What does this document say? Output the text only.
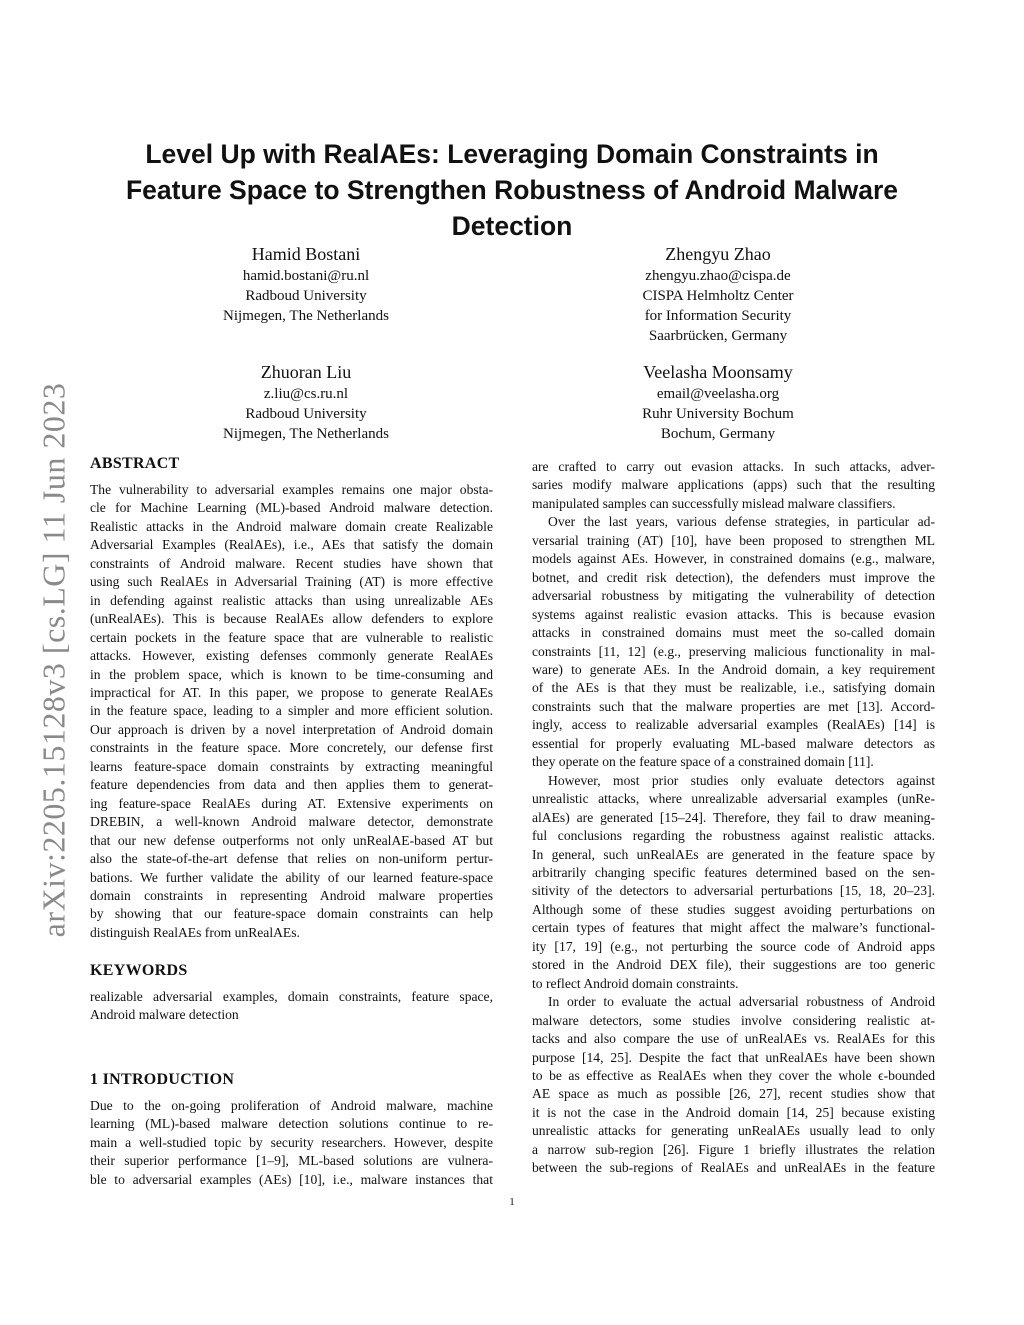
arXiv:2205.15128v3 [cs.LG] 11 Jun 2023
Level Up with RealAEs: Leveraging Domain Constraints in
Feature Space to Strengthen Robustness of Android Malware
Detection
Hamid Bostani
hamid.bostani@ru.nl
Radboud University
Nijmegen, The Netherlands
Zhengyu Zhao
zhengyu.zhao@cispa.de
CISPA Helmholtz Center
for Information Security
Saarbrücken, Germany
Zhuoran Liu
z.liu@cs.ru.nl
Radboud University
Nijmegen, The Netherlands
Veelasha Moonsamy
email@veelasha.org
Ruhr University Bochum
Bochum, Germany
ABSTRACT
The vulnerability to adversarial examples remains one major obsta-
cle for Machine Learning (ML)-based Android malware detection.
Realistic attacks in the Android malware domain create Realizable
Adversarial Examples (RealAEs), i.e., AEs that satisfy the domain
constraints of Android malware. Recent studies have shown that
using such RealAEs in Adversarial Training (AT) is more effective
in defending against realistic attacks than using unrealizable AEs
(unRealAEs). This is because RealAEs allow defenders to explore
certain pockets in the feature space that are vulnerable to realistic
attacks. However, existing defenses commonly generate RealAEs
in the problem space, which is known to be time-consuming and
impractical for AT. In this paper, we propose to generate RealAEs
in the feature space, leading to a simpler and more efficient solution.
Our approach is driven by a novel interpretation of Android domain
constraints in the feature space. More concretely, our defense first
learns feature-space domain constraints by extracting meaningful
feature dependencies from data and then applies them to generat-
ing feature-space RealAEs during AT. Extensive experiments on
DREBIN, a well-known Android malware detector, demonstrate
that our new defense outperforms not only unRealAE-based AT but
also the state-of-the-art defense that relies on non-uniform pertur-
bations. We further validate the ability of our learned feature-space
domain constraints in representing Android malware properties
by showing that our feature-space domain constraints can help
distinguish RealAEs from unRealAEs.
KEYWORDS
realizable adversarial examples, domain constraints, feature space,
Android malware detection
1 INTRODUCTION
Due to the on-going proliferation of Android malware, machine
learning (ML)-based malware detection solutions continue to re-
main a well-studied topic by security researchers. However, despite
their superior performance [1–9], ML-based solutions are vulnera-
ble to adversarial examples (AEs) [10], i.e., malware instances that
are crafted to carry out evasion attacks. In such attacks, adver-
saries modify malware applications (apps) such that the resulting
manipulated samples can successfully mislead malware classifiers.
Over the last years, various defense strategies, in particular ad-
versarial training (AT) [10], have been proposed to strengthen ML
models against AEs. However, in constrained domains (e.g., malware,
botnet, and credit risk detection), the defenders must improve the
adversarial robustness by mitigating the vulnerability of detection
systems against realistic evasion attacks. This is because evasion
attacks in constrained domains must meet the so-called domain
constraints [11, 12] (e.g., preserving malicious functionality in mal-
ware) to generate AEs. In the Android domain, a key requirement
of the AEs is that they must be realizable, i.e., satisfying domain
constraints such that the malware properties are met [13]. Accord-
ingly, access to realizable adversarial examples (RealAEs) [14] is
essential for properly evaluating ML-based malware detectors as
they operate on the feature space of a constrained domain [11].
However, most prior studies only evaluate detectors against
unrealistic attacks, where unrealizable adversarial examples (unRe-
alAEs) are generated [15–24]. Therefore, they fail to draw meaning-
ful conclusions regarding the robustness against realistic attacks.
In general, such unRealAEs are generated in the feature space by
arbitrarily changing specific features determined based on the sen-
sitivity of the detectors to adversarial perturbations [15, 18, 20–23].
Although some of these studies suggest avoiding perturbations on
certain types of features that might affect the malware’s functional-
ity [17, 19] (e.g., not perturbing the source code of Android apps
stored in the Android DEX file), their suggestions are too generic
to reflect Android domain constraints.
In order to evaluate the actual adversarial robustness of Android
malware detectors, some studies involve considering realistic at-
tacks and also compare the use of unRealAEs vs. RealAEs for this
purpose [14, 25]. Despite the fact that unRealAEs have been shown
to be as effective as RealAEs when they cover the whole ϵ-bounded
AE space as much as possible [26, 27], recent studies show that
it is not the case in the Android domain [14, 25] because existing
unrealistic attacks for generating unRealAEs usually lead to only
a narrow sub-region [26]. Figure 1 briefly illustrates the relation
between the sub-regions of RealAEs and unRealAEs in the feature
1
